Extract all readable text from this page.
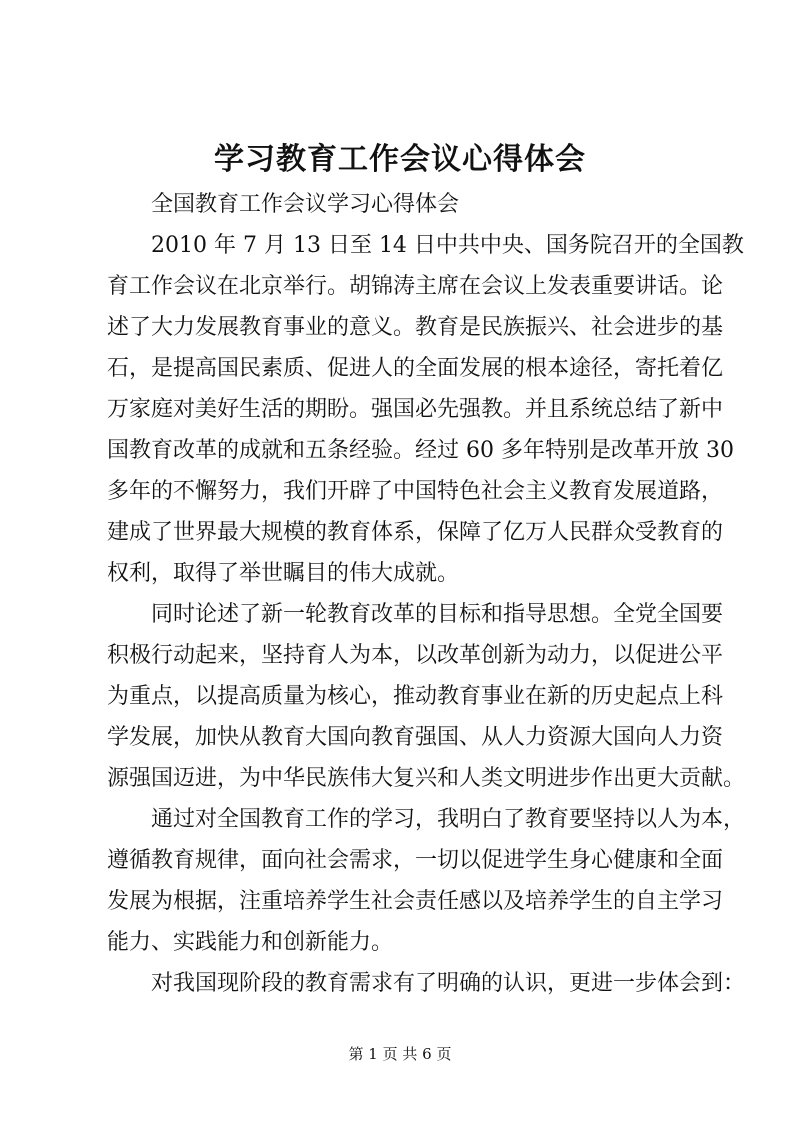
学习教育工作会议心得体会
全国教育工作会议学习心得体会
2010 年 7 月 13 日至 14 日中共中央、国务院召开的全国教
育工作会议在北京举行。胡锦涛主席在会议上发表重要讲话。论
述了大力发展教育事业的意义。教育是民族振兴、社会进步的基
石，是提高国民素质、促进人的全面发展的根本途径，寄托着亿
万家庭对美好生活的期盼。强国必先强教。并且系统总结了新中
国教育改革的成就和五条经验。经过 60 多年特别是改革开放 30
多年的不懈努力，我们开辟了中国特色社会主义教育发展道路，
建成了世界最大规模的教育体系，保障了亿万人民群众受教育的
权利，取得了举世瞩目的伟大成就。
同时论述了新一轮教育改革的目标和指导思想。全党全国要
积极行动起来，坚持育人为本，以改革创新为动力，以促进公平
为重点，以提高质量为核心，推动教育事业在新的历史起点上科
学发展，加快从教育大国向教育强国、从人力资源大国向人力资
源强国迈进，为中华民族伟大复兴和人类文明进步作出更大贡献。
通过对全国教育工作的学习，我明白了教育要坚持以人为本，
遵循教育规律，面向社会需求，一切以促进学生身心健康和全面
发展为根据，注重培养学生社会责任感以及培养学生的自主学习
能力、实践能力和创新能力。
对我国现阶段的教育需求有了明确的认识，更进一步体会到：
第 1 页 共 6 页
